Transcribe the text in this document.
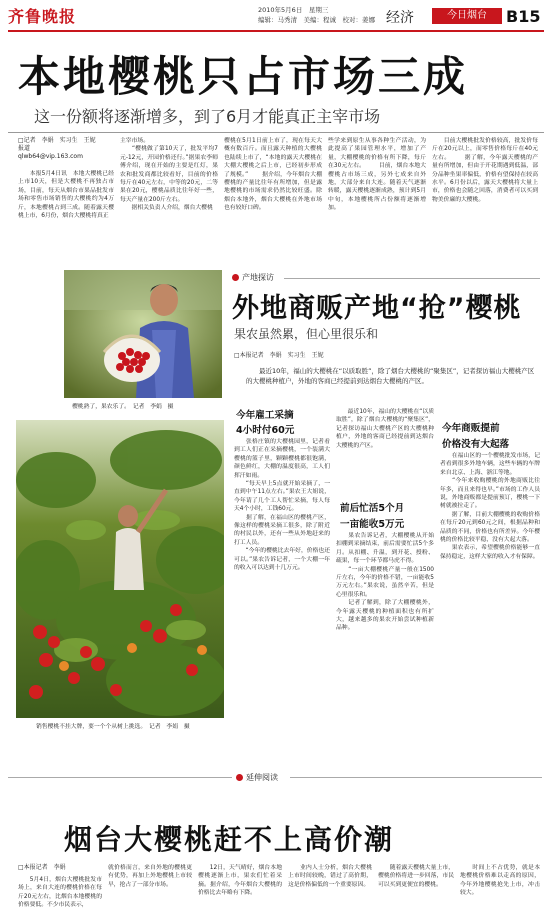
齐鲁晚报	2010年5月6日　星期三
编辑：马秀清　美编：程诚　校对：姜娜 经济	今日烟台	B15
本地樱桃只占市场三成
这一份额将逐渐增多，到了6月才能真正主宰市场
□记者　李娟　实习生　王妮
报道
qlwb64@vip.163.com
　　本报5月4日讯　本地大樱桃已经上市10天，但是大樱桃不再独占市场，目前，每天从烟台市果品批发市场和零售市场销售的大樱桃约为4万斤，本地樱桃占到三成。随着露天樱桃上市，6月份，烟台大樱桃将真正
主宰市场。
　　“樱桃做了第10天了，批发平均7元-12元，开园价格还行。”据果农李师傅介绍，现在开始的主要是红灯，果农和批发商都比较看好，目前的价格每斤在40元左右，中等的20元，二等果在20元，樱桃品质比往年好一些，每天产量在200斤左右。
　　据相关负责人介绍，烟台大樱桃
樱桃在5月1日前上市了，现在每天大概有数百斤。而且露天种植的大樱桃也陆续上市了，“本地的露天大樱桃在大棚大樱桃之后上市，已经初步形成了规模。” 　　据介绍，今年烟台大棚樱桃的产量比往年有所增加，但是露地樱桃的市场需求仍然比较旺盛。除烟台本地外，烟台大樱桃在外地市场也有较好口碑。
些学来到原生从事各种生产活动，为此提高了果园管理水平，增加了产量，大棚樱桃的价格有所下降，每斤在30元左右。 　　目前，烟台本地大樱桃占市场三成，另外七成来自外地，大部分来自大连。随着天气逐渐转暖，露天樱桃逐渐成熟，预计到5月中旬，本地樱桃所占份额将逐渐增加。
　　目前大樱桃批发价格较高，批发价每斤在20元以上，而零售价格每斤在40元左右。 　　据了解，今年露天樱桃的产量有所增加，但由于开花期遇到低温，部分品种坐果率偏低，价格有望保持在较高水平。6月份以后，露天大樱桃将大量上市，价格也会随之回落，消费者可以买到物美价廉的大樱桃。
樱桃熟了，果农乐了。　记者　李娟　摄
产地探访
外地商贩产地“抢”樱桃
果农虽然累，但心里很乐和
□本报记者　李娟　实习生　王妮
　　最近10年，福山的大樱桃在“以质取胜”，除了烟台大樱桃的“聚集区”，记者探访福山大樱桃产区的大樱桃种植户，外地的客商已经提前到达烟台大樱桃的产区。
今年雇工采摘
4小时付60元
　　张格庄镇的大樱桃园里，记者看到工人们正在采摘樱桃，一个装满大樱桃的篮子里，颗颗樱桃都很饱满，颜色鲜红，大棚的温度很高，工人们挥汗如雨。
　　“每天早上5点就开始采摘了，一直到中午11点左右。”果农王大姐说，今年请了几个工人帮忙采摘，每人每天4个小时，工钱60元。
　　据了解，在福山区的樱桃产区，像这样的樱桃采摘工很多，除了附近的村民以外，还有一些从外地赶来的打工人员。
　　“今年的樱桃比去年好，价格也还可以。”果农告诉记者，一个大棚一年的收入可以达到十几万元。
　　最近10年，福山的大樱桃在“以质取胜”，除了烟台大樱桃的“聚集区”，记者探访福山大樱桃产区的大樱桃种植户，外地的客商已经提前到达烟台大樱桃的产区。
前后忙活5个月
一亩能收5万元
　　果农告诉记者，大棚樱桃从开始扣棚到采摘结束，前后需要忙活5个多月。从扣棚、升温，到开花、授粉、疏果，每一个环节都马虎不得。
　　“一亩大棚樱桃产量一般在1500斤左右，今年的价格不错，一亩能收5万元左右。”果农说，虽然辛苦，但是心里很乐和。
　　记者了解到，除了大棚樱桃外，今年露天樱桃的种植面积也有所扩大，越来越多的果农开始尝试种植新品种。
今年商贩提前
价格没有大起落
　　在福山区的一个樱桃批发市场，记者看到很多外地车辆，这些车辆的车牌来自北京、上海、浙江等地。
　　“今年来收购樱桃的外地商贩比往年多，而且来得也早。”市场的工作人员说，外地商贩都是提前预订，樱桃一下树就被拉走了。
　　据了解，目前大棚樱桃的收购价格在每斤20元到60元之间，根据品种和品质的不同，价格也有所差异。今年樱桃的价格比较平稳，没有大起大落。
　　果农表示，希望樱桃价格能够一直保持稳定，这样大家的收入才有保障。
销售樱桃不挂大牌，要一个个从树上挑选。　记者　李娟　摄
延伸阅读
烟台大樱桃赶不上高价潮
□本报记者　李娟
　　5月4日，烟台大樱桃批发市场上，来自大连的樱桃价格在每斤20元左右，比烟台本地樱桃的价格要低。不少市民表示，
就价格而言，来自外地的樱桃更有优势，再加上外地樱桃上市较早，抢占了一部分市场。
　　12日，天气晴好，烟台本地樱桃逐渐上市，果农们忙着采摘。据介绍，今年烟台大樱桃的价格比去年略有下降。
　　业内人士分析，烟台大樱桃上市时间较晚，错过了高价期，这是价格偏低的一个重要原因。
　　随着露天樱桃大量上市，樱桃价格将进一步回落，市民可以买到更便宜的樱桃。
　　时间上不占优势，就是本地樱桃价格难以走高的原因，今年外地樱桃抢先上市，冲击较大。
